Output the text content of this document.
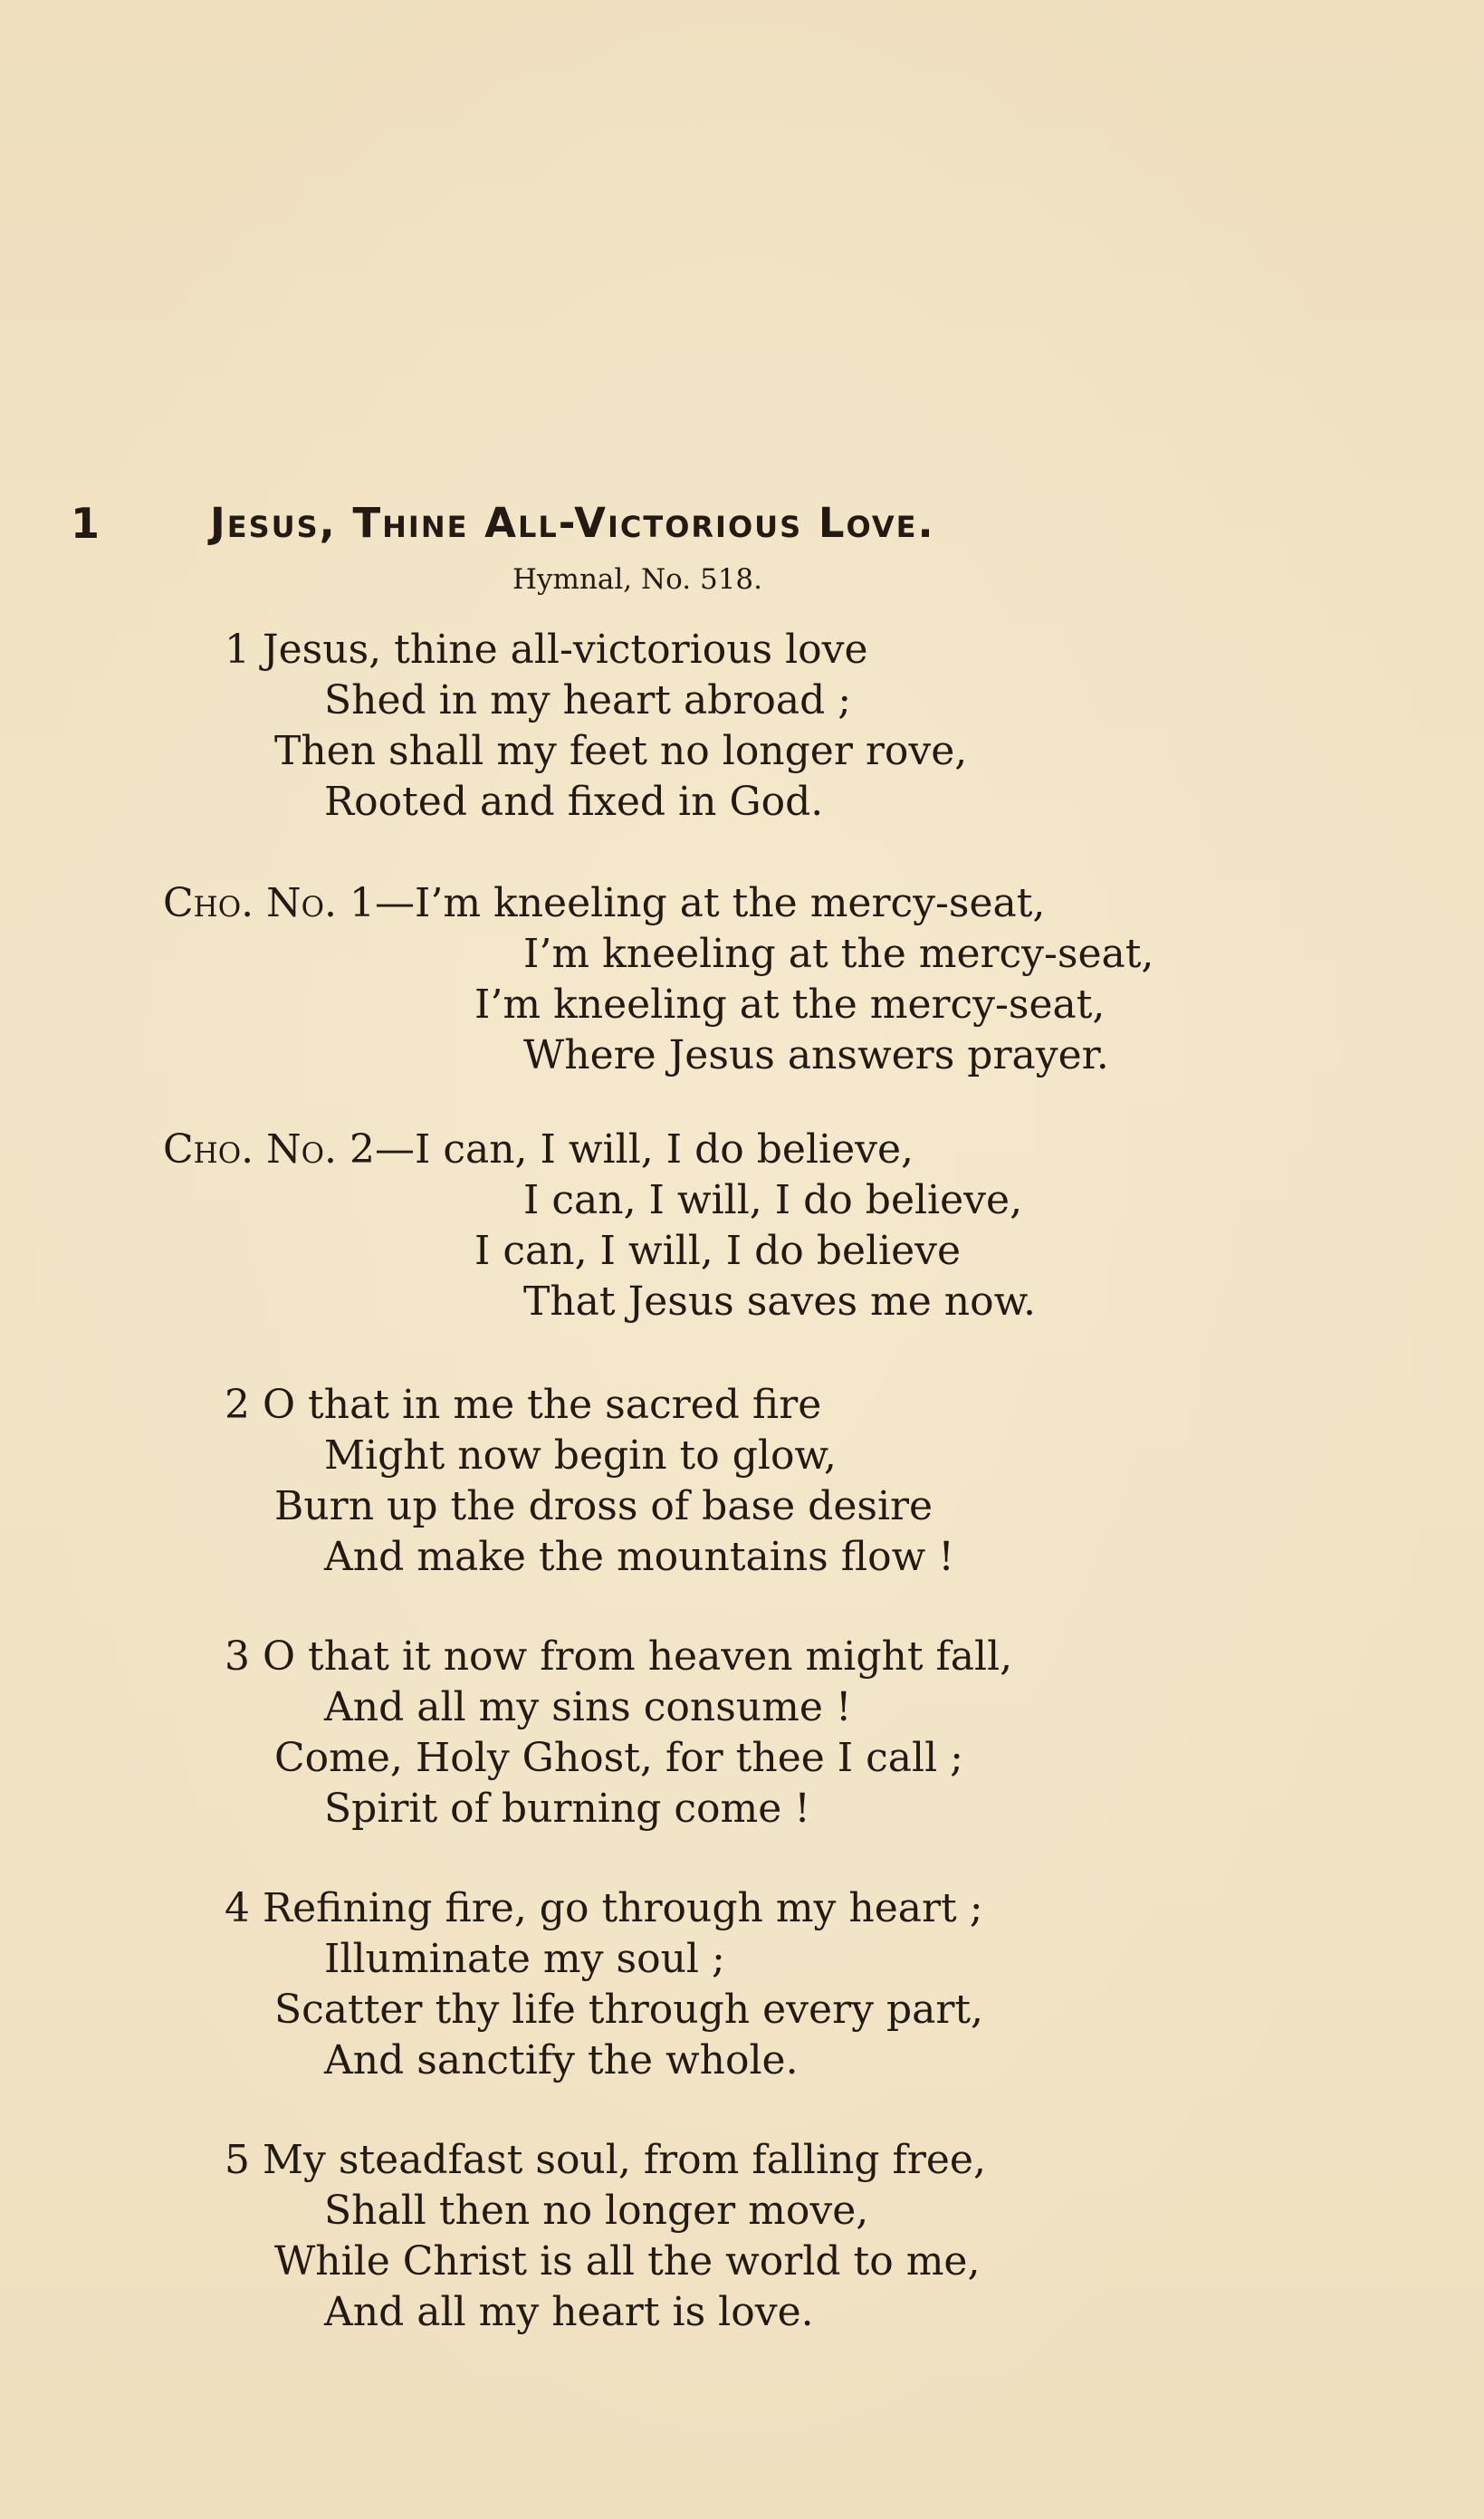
1	Jesus, Thine All-Victorious Love.
Hymnal, No. 518.
1 Jesus, thine all-victorious love
Shed in my heart abroad ;
Then shall my feet no longer rove,
Rooted and fixed in God.
Cho. No. 1—I’m kneeling at the mercy-seat,
I’m kneeling at the mercy-seat,
I’m kneeling at the mercy-seat,
Where Jesus answers prayer.
Cho. No. 2—I can, I will, I do believe,
I can, I will, I do believe,
I can, I will, I do believe
That Jesus saves me now.
2 O that in me the sacred fire
Might now begin to glow,
Burn up the dross of base desire
And make the mountains flow !
3 O that it now from heaven might fall,
And all my sins consume !
Come, Holy Ghost, for thee I call ;
Spirit of burning come !
4 Refining fire, go through my heart ;
Illuminate my soul ;
Scatter thy life through every part,
And sanctify the whole.
5 My steadfast soul, from falling free,
Shall then no longer move,
While Christ is all the world to me,
And all my heart is love.
